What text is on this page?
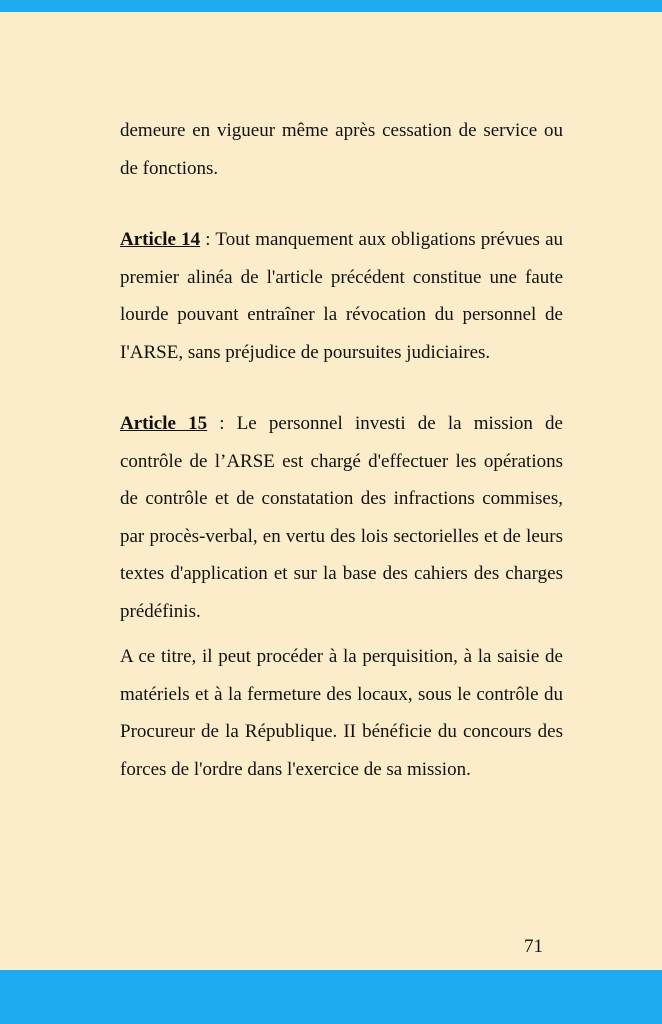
demeure en vigueur même après cessation de service ou de fonctions.

Article 14 : Tout manquement aux obligations prévues au premier alinéa de l'article précédent constitue une faute lourde pouvant entraîner la révocation du personnel de I'ARSE, sans préjudice de poursuites judiciaires.

Article 15 : Le personnel investi de la mission de contrôle de l’ARSE est chargé d'effectuer les opérations de contrôle et de constatation des infractions commises, par procès-verbal, en vertu des lois sectorielles et de leurs textes d'application et sur la base des cahiers des charges prédéfinis.

A ce titre, il peut procéder à la perquisition, à la saisie de matériels et à la fermeture des locaux, sous le contrôle du Procureur de la République. II bénéficie du concours des forces de l'ordre dans l'exercice de sa mission.

71
